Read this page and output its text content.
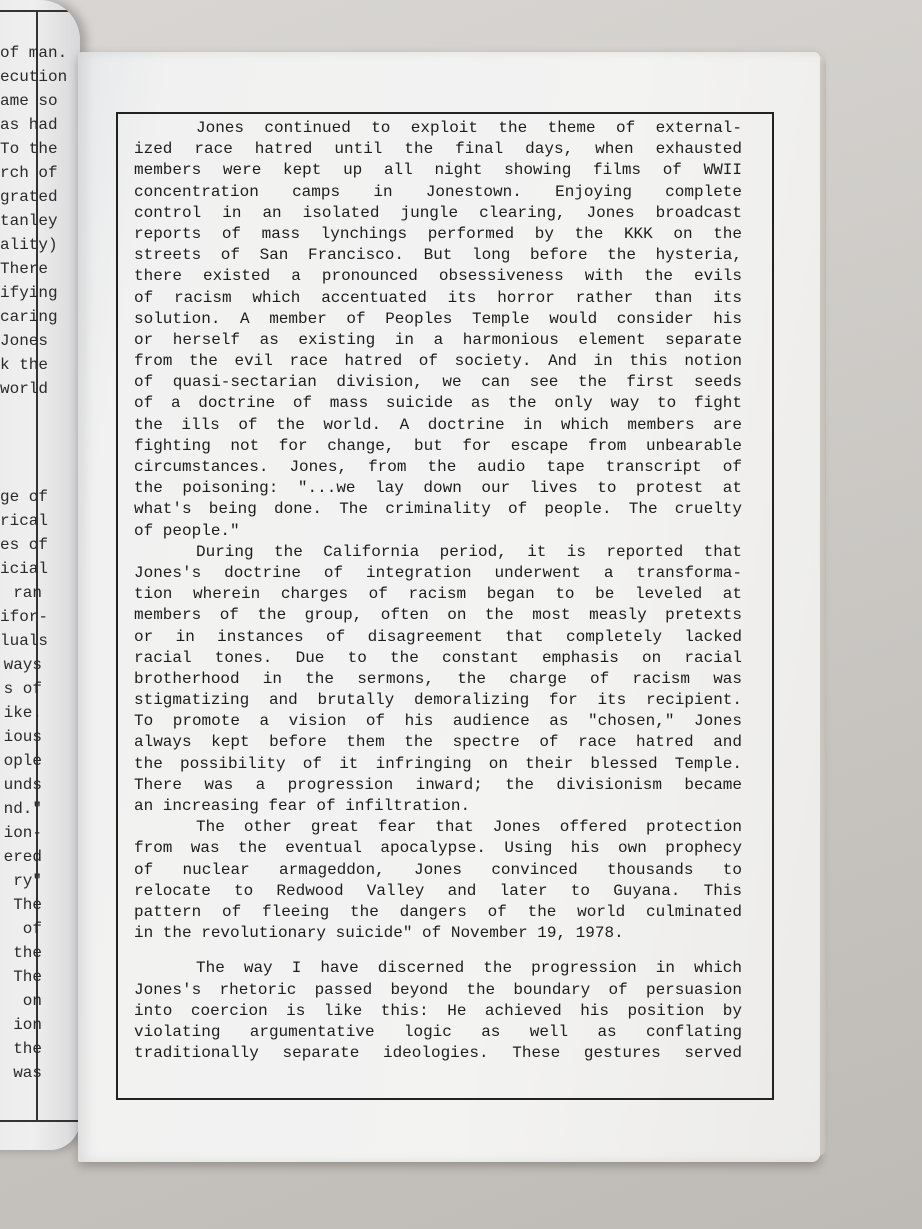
of man.
ecution
ame so
as had
To the
rch of
grated
tanley
ality)
There
ifying
caring
Jones
k the
world
ge of
rical
es of
icial
ran
ifor-
luals
ways
s of
ike.
ious
ople
unds
nd."
ion-
ered
ry"
The
of
the
The
on
ion
the
was
Jones continued to exploit the theme of external-
ized race hatred until the final days, when exhausted
members were kept up all night showing films of WWII
concentration camps in Jonestown. Enjoying complete
control in an isolated jungle clearing, Jones broadcast
reports of mass lynchings performed by the KKK on the
streets of San Francisco. But long before the hysteria,
there existed a pronounced obsessiveness with the evils
of racism which accentuated its horror rather than its
solution. A member of Peoples Temple would consider his
or herself as existing in a harmonious element separate
from the evil race hatred of society. And in this notion
of quasi-sectarian division, we can see the first seeds
of a doctrine of mass suicide as the only way to fight
the ills of the world. A doctrine in which members are
fighting not for change, but for escape from unbearable
circumstances. Jones, from the audio tape transcript of
the poisoning: "...we lay down our lives to protest at
what's being done. The criminality of people. The cruelty
of people."
During the California period, it is reported that
Jones's doctrine of integration underwent a transforma-
tion wherein charges of racism began to be leveled at
members of the group, often on the most measly pretexts
or in instances of disagreement that completely lacked
racial tones. Due to the constant emphasis on racial
brotherhood in the sermons, the charge of racism was
stigmatizing and brutally demoralizing for its recipient.
To promote a vision of his audience as "chosen," Jones
always kept before them the spectre of race hatred and
the possibility of it infringing on their blessed Temple.
There was a progression inward; the divisionism became
an increasing fear of infiltration.
The other great fear that Jones offered protection
from was the eventual apocalypse. Using his own prophecy
of nuclear armageddon, Jones convinced thousands to
relocate to Redwood Valley and later to Guyana. This
pattern of fleeing the dangers of the world culminated
in the revolutionary suicide" of November 19, 1978.
The way I have discerned the progression in which
Jones's rhetoric passed beyond the boundary of persuasion
into coercion is like this: He achieved his position by
violating argumentative logic as well as conflating
traditionally separate ideologies. These gestures served
